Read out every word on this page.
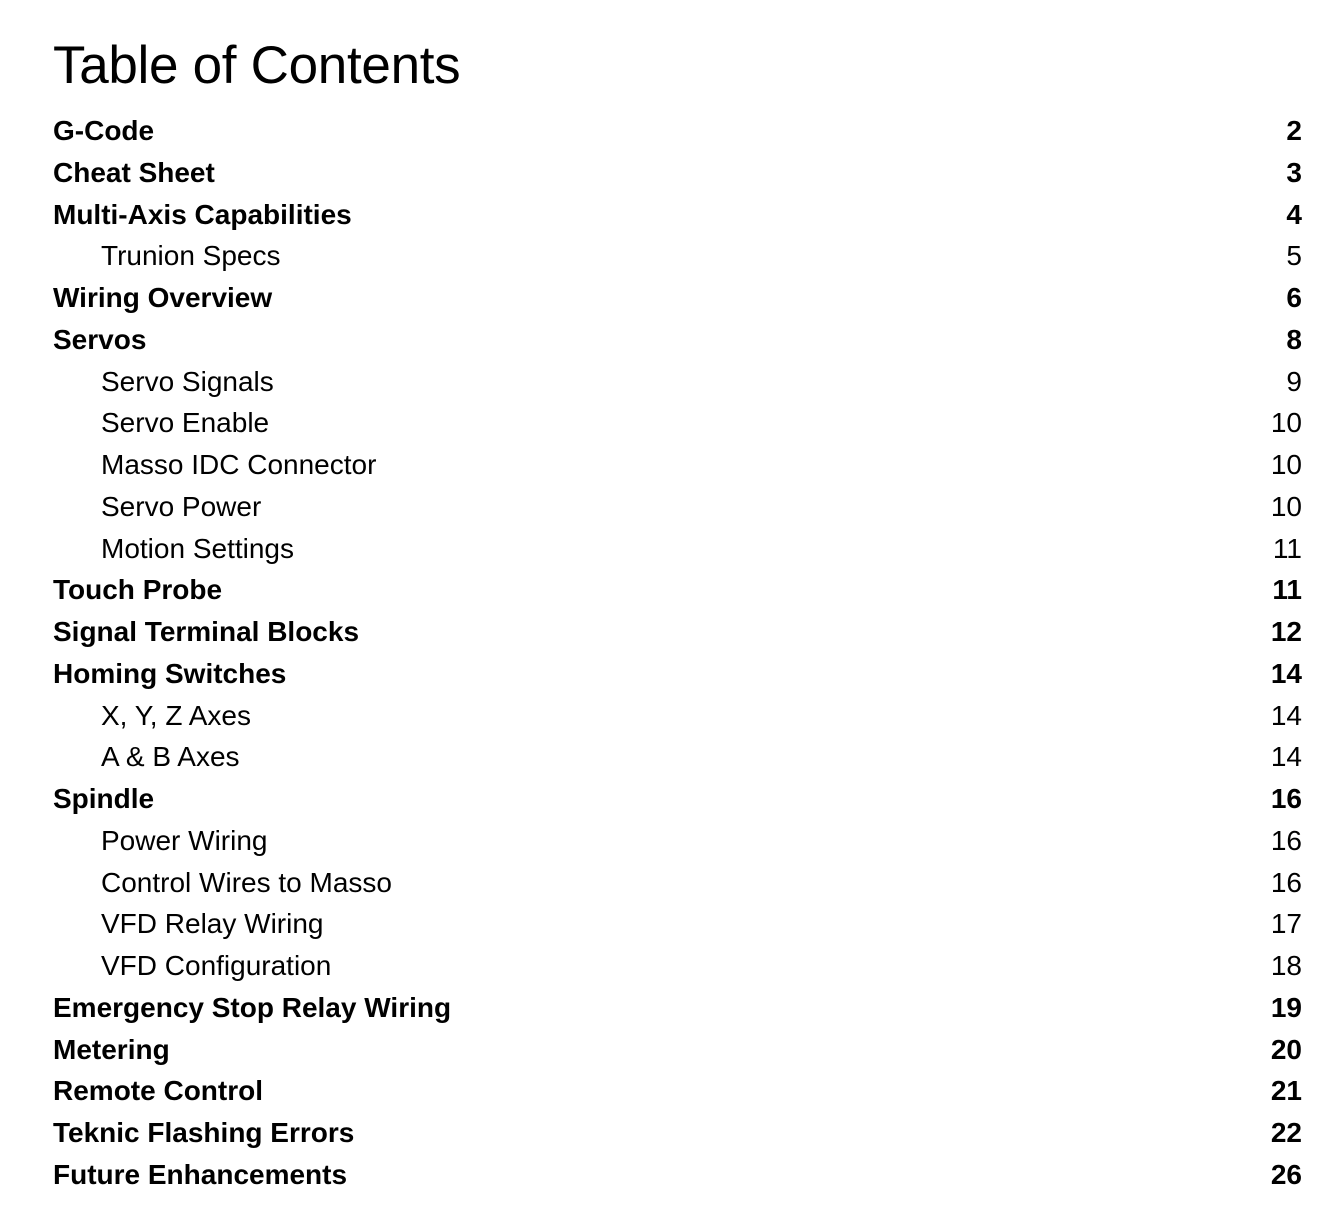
Table of Contents
G-Code	2
Cheat Sheet	3
Multi-Axis Capabilities	4
Trunion Specs	5
Wiring Overview	6
Servos	8
Servo Signals	9
Servo Enable	10
Masso IDC Connector	10
Servo Power	10
Motion Settings	11
Touch Probe	11
Signal Terminal Blocks	12
Homing Switches	14
X, Y, Z Axes	14
A & B Axes	14
Spindle	16
Power Wiring	16
Control Wires to Masso	16
VFD Relay Wiring	17
VFD Configuration	18
Emergency Stop Relay Wiring	19
Metering	20
Remote Control	21
Teknic Flashing Errors	22
Future Enhancements	26
